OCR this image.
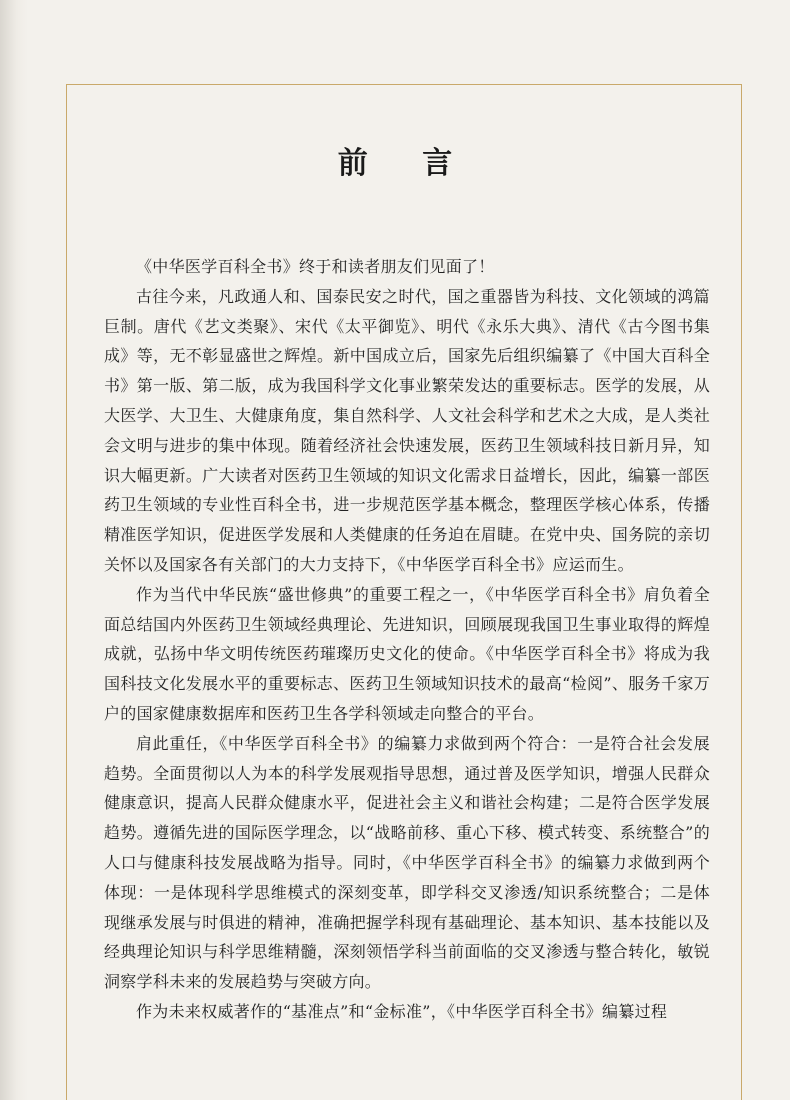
前 言

《中华医学百科全书》终于和读者朋友们见面了！

古往今来，凡政通人和、国泰民安之时代，国之重器皆为科技、文化领域的鸿篇巨制。唐代《艺文类聚》、宋代《太平御览》、明代《永乐大典》、清代《古今图书集成》等，无不彰显盛世之辉煌。新中国成立后，国家先后组织编纂了《中国大百科全书》第一版、第二版，成为我国科学文化事业繁荣发达的重要标志。医学的发展，从大医学、大卫生、大健康角度，集自然科学、人文社会科学和艺术之大成，是人类社会文明与进步的集中体现。随着经济社会快速发展，医药卫生领域科技日新月异，知识大幅更新。广大读者对医药卫生领域的知识文化需求日益增长，因此，编纂一部医药卫生领域的专业性百科全书，进一步规范医学基本概念，整理医学核心体系，传播精准医学知识，促进医学发展和人类健康的任务迫在眉睫。在党中央、国务院的亲切关怀以及国家各有关部门的大力支持下，《中华医学百科全书》应运而生。

作为当代中华民族“盛世修典”的重要工程之一，《中华医学百科全书》肩负着全面总结国内外医药卫生领域经典理论、先进知识，回顾展现我国卫生事业取得的辉煌成就，弘扬中华文明传统医药璀璨历史文化的使命。《中华医学百科全书》将成为我国科技文化发展水平的重要标志、医药卫生领域知识技术的最高“检阅”、服务千家万户的国家健康数据库和医药卫生各学科领域走向整合的平台。

肩此重任，《中华医学百科全书》的编纂力求做到两个符合：一是符合社会发展趋势。全面贯彻以人为本的科学发展观指导思想，通过普及医学知识，增强人民群众健康意识，提高人民群众健康水平，促进社会主义和谐社会构建；二是符合医学发展趋势。遵循先进的国际医学理念，以“战略前移、重心下移、模式转变、系统整合”的人口与健康科技发展战略为指导。同时，《中华医学百科全书》的编纂力求做到两个体现：一是体现科学思维模式的深刻变革，即学科交叉渗透/知识系统整合；二是体现继承发展与时俱进的精神，准确把握学科现有基础理论、基本知识、基本技能以及经典理论知识与科学思维精髓，深刻领悟学科当前面临的交叉渗透与整合转化，敏锐洞察学科未来的发展趋势与突破方向。

作为未来权威著作的“基准点”和“金标准”，《中华医学百科全书》编纂过程
